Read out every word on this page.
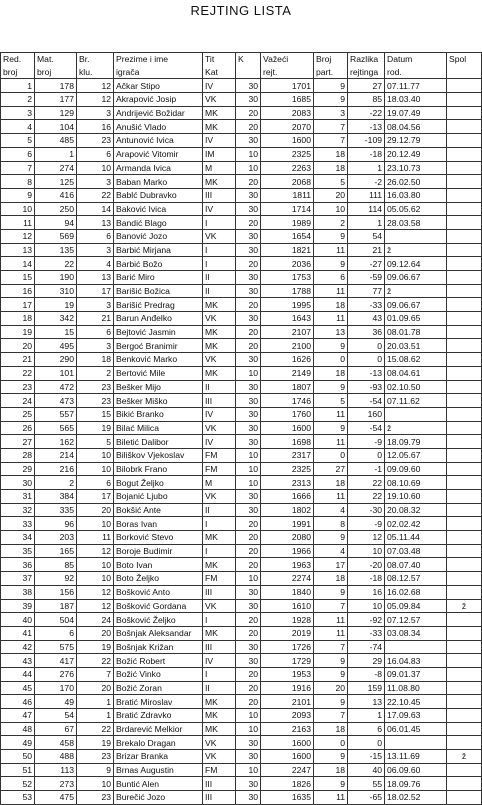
REJTING LISTA
Red.	Mat.	Br.	Prezime i ime	Tit	K	Važeći	Broj	Razlika	Datum	Spol
broj	broj	klu.	igrača	Kat		rejt.	part.	rejtinga	rod.	
1	178	12	Ačkar Stipo	IV	30	1701	9	27	07.11.77	
2	177	12	Akrapović Josip	VK	30	1685	9	85	18.03.40	
3	129	3	Andrijević Božidar	MK	20	2083	3	-22	19.07.49	
4	104	16	Anušić Vlado	MK	20	2070	7	-13	08.04.56	
5	485	23	Antunović Ivica	IV	30	1600	7	-109	29.12.79	
6	1	6	Arapović Vitomir	IM	10	2325	18	-18	20.12.49	
7	274	10	Armanda Ivica	M	10	2263	18	1	23.10.73	
8	125	3	Baban Marko	MK	20	2068	5	-2	26.02.50	
9	416	22	Bablć Dubravko	III	30	1811	20	111	16.03.80	
10	250	14	Baković Ivica	IV	30	1714	10	114	05.05.62	
11	94	13	Bandić Blago	I	20	1989	2	1	28.03.58	
12	569	6	Banović Jozo	VK	30	1654	9	54		
13	135	3	Barbić Mirjana	I	30	1821	11	21	ž	
14	22	4	Barbić Božo	I	20	2036	9	-27	09.12.64	
15	190	13	Barić Miro	II	30	1753	6	-59	09.06.67	
16	310	17	Barišić Božica	II	30	1788	11	77	ž	
17	19	3	Barišić Predrag	MK	20	1995	18	-33	09.06.67	
18	342	21	Barun Anđelko	VK	30	1643	11	43	01.09.65	
19	15	6	Bejtović Jasmin	MK	20	2107	13	36	08.01.78	
20	495	3	Bergoć Branimir	MK	20	2100	9	0	20.03.51	
21	290	18	Benković Marko	VK	30	1626	0	0	15.08.62	
22	101	2	Bertović Mile	MK	10	2149	18	-13	08.04.61	
23	472	23	Bešker Mijo	II	30	1807	9	-93	02.10.50	
24	473	23	Bešker Miško	III	30	1746	5	-54	07.11.62	
25	557	15	Bikić Branko	IV	30	1760	11	160		
26	565	19	Bilać Milica	VK	30	1600	9	-54	ž	
27	162	5	Biletić Dalibor	IV	30	1698	11	-9	18.09.79	
28	214	10	Biliškov Vjekoslav	FM	10	2317	0	0	12.05.67	
29	216	10	Bilobrk Frano	FM	10	2325	27	-1	09.09.60	
30	2	6	Bogut Željko	M	10	2313	18	22	08.10.69	
31	384	17	Bojanić Ljubo	VK	30	1666	11	22	19.10.60	
32	335	20	Bokšić Ante	II	30	1802	4	-30	20.08.32	
33	96	10	Boras Ivan	I	20	1991	8	-9	02.02.42	
34	203	11	Borković Stevo	MK	20	2080	9	12	05.11.44	
35	165	12	Boroje Budimir	I	20	1966	4	10	07.03.48	
36	85	10	Boto Ivan	MK	20	1963	17	-20	08.07.40	
37	92	10	Boto Željko	FM	10	2274	18	-18	08.12.57	
38	156	12	Bošković Anto	III	30	1840	9	16	16.02.68	
39	187	12	Bošković Gordana	VK	30	1610	7	10	05.09.84	ž
40	504	24	Bošković Željko	I	20	1928	11	-92	07.12.57	
41	6	20	Bošnjak Aleksandar	MK	20	2019	11	-33	03.08.34	
42	575	19	Bošnjak Križan	III	30	1726	7	-74		
43	417	22	Božić Robert	IV	30	1729	9	29	16.04.83	
44	276	7	Božić Vinko	I	20	1953	9	-8	09.01.37	
45	170	20	Božić Zoran	II	20	1916	20	159	11.08.80	
46	49	1	Bratić Miroslav	MK	20	2101	9	13	22.10.45	
47	54	1	Bratić Zdravko	MK	10	2093	7	1	17.09.63	
48	67	22	Brdarević Melkior	MK	10	2163	18	6	06.01.45	
49	458	19	Brekalo Dragan	VK	30	1600	0	0		
50	488	23	Brizar Branka	VK	30	1600	9	-15	13.11.69	ž
51	113	9	Brnas Augustin	FM	10	2247	18	40	06.09.60	
52	273	10	Buntić Alen	III	30	1826	9	55	18.09.76	
53	475	23	Burečić Jozo	III	30	1635	11	-65	18.02.52	
